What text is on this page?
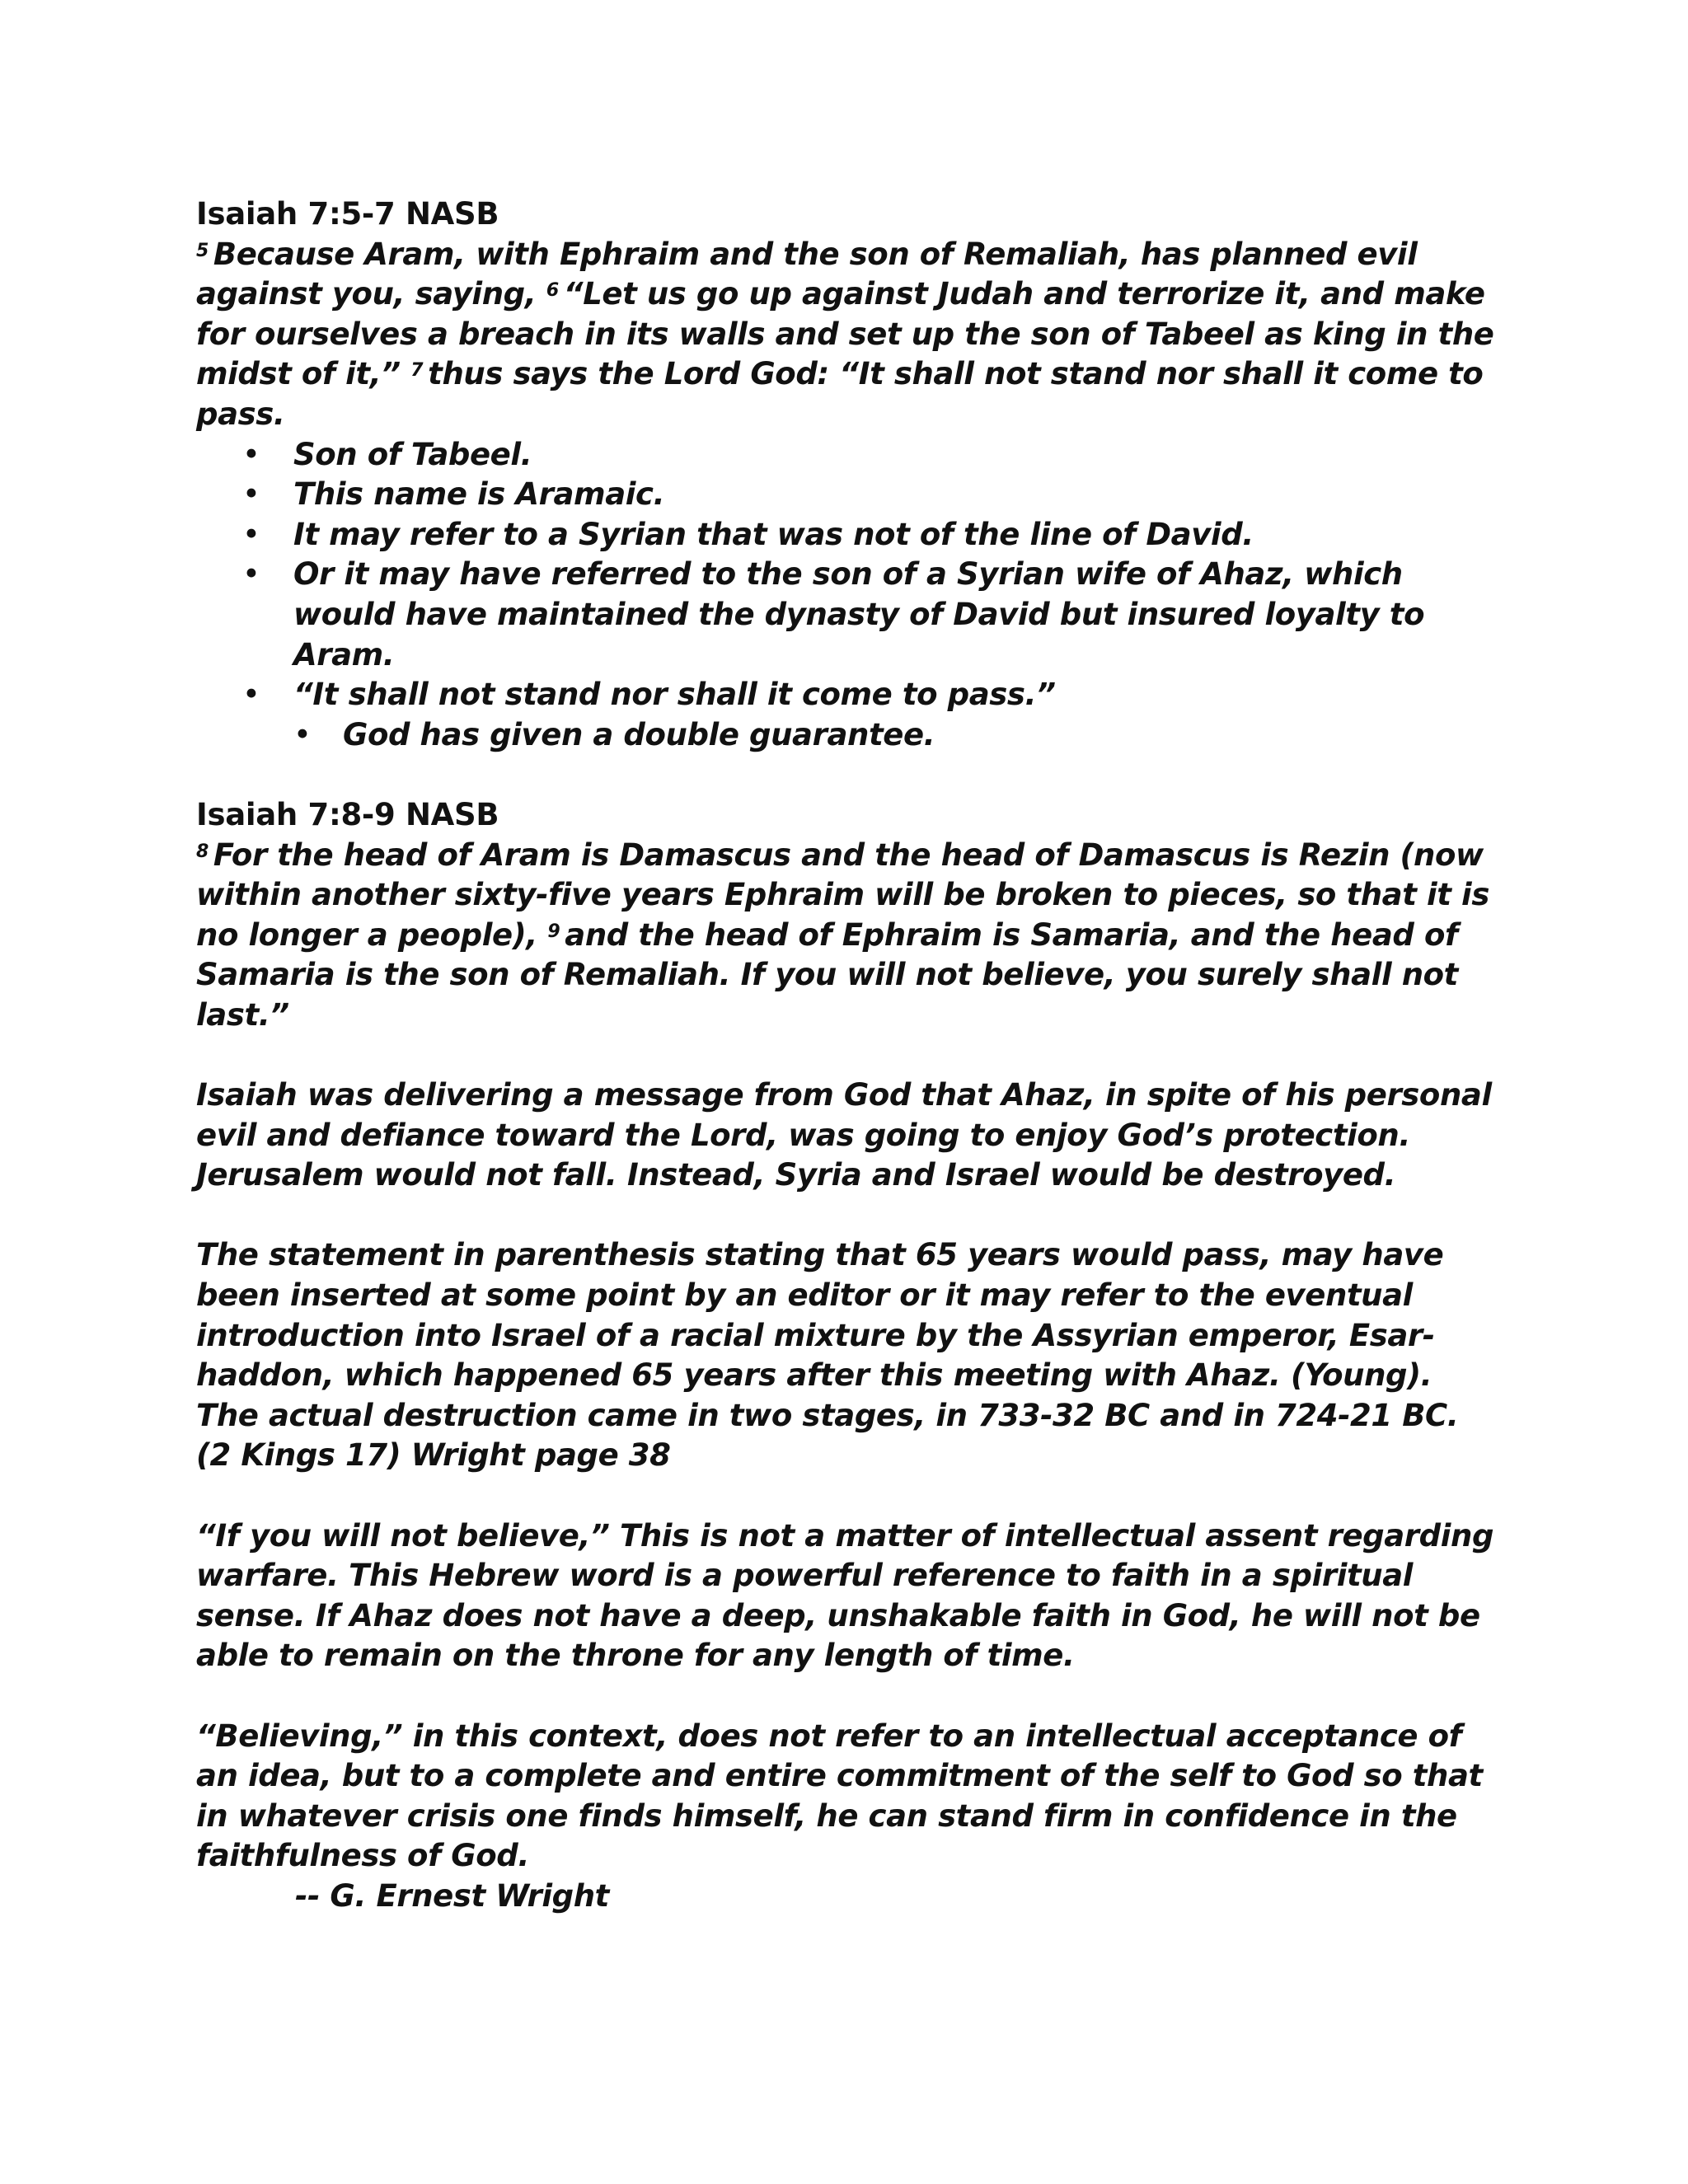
Isaiah 7:5-7 NASB
$^5$ Because Aram, with Ephraim and the son of Remaliah, has planned evil against you, saying, $^6$ “Let us go up against Judah and terrorize it, and make for ourselves a breach in its walls and set up the son of Tabeel as king in the midst of it,” $^7$ thus says the Lord God: “It shall not stand nor shall it come to pass.
• Son of Tabeel.
• This name is Aramaic.
• It may refer to a Syrian that was not of the line of David.
• Or it may have referred to the son of a Syrian wife of Ahaz, which would have maintained the dynasty of David but insured loyalty to Aram.
• “It shall not stand nor shall it come to pass.”
• God has given a double guarantee.
Isaiah 7:8-9 NASB
$^8$ For the head of Aram is Damascus and the head of Damascus is Rezin (now within another sixty-five years Ephraim will be broken to pieces, so that it is no longer a people), $^9$ and the head of Ephraim is Samaria, and the head of Samaria is the son of Remaliah. If you will not believe, you surely shall not last.”
Isaiah was delivering a message from God that Ahaz, in spite of his personal evil and defiance toward the Lord, was going to enjoy God’s protection. Jerusalem would not fall. Instead, Syria and Israel would be destroyed.
The statement in parenthesis stating that 65 years would pass, may have been inserted at some point by an editor or it may refer to the eventual introduction into Israel of a racial mixture by the Assyrian emperor, Esar-haddon, which happened 65 years after this meeting with Ahaz. (Young). The actual destruction came in two stages, in 733-32 BC and in 724-21 BC. (2 Kings 17) Wright page 38
“If you will not believe,” This is not a matter of intellectual assent regarding warfare. This Hebrew word is a powerful reference to faith in a spiritual sense. If Ahaz does not have a deep, unshakable faith in God, he will not be able to remain on the throne for any length of time.
“Believing,” in this context, does not refer to an intellectual acceptance of an idea, but to a complete and entire commitment of the self to God so that in whatever crisis one finds himself, he can stand firm in confidence in the faithfulness of God.
-- G. Ernest Wright
